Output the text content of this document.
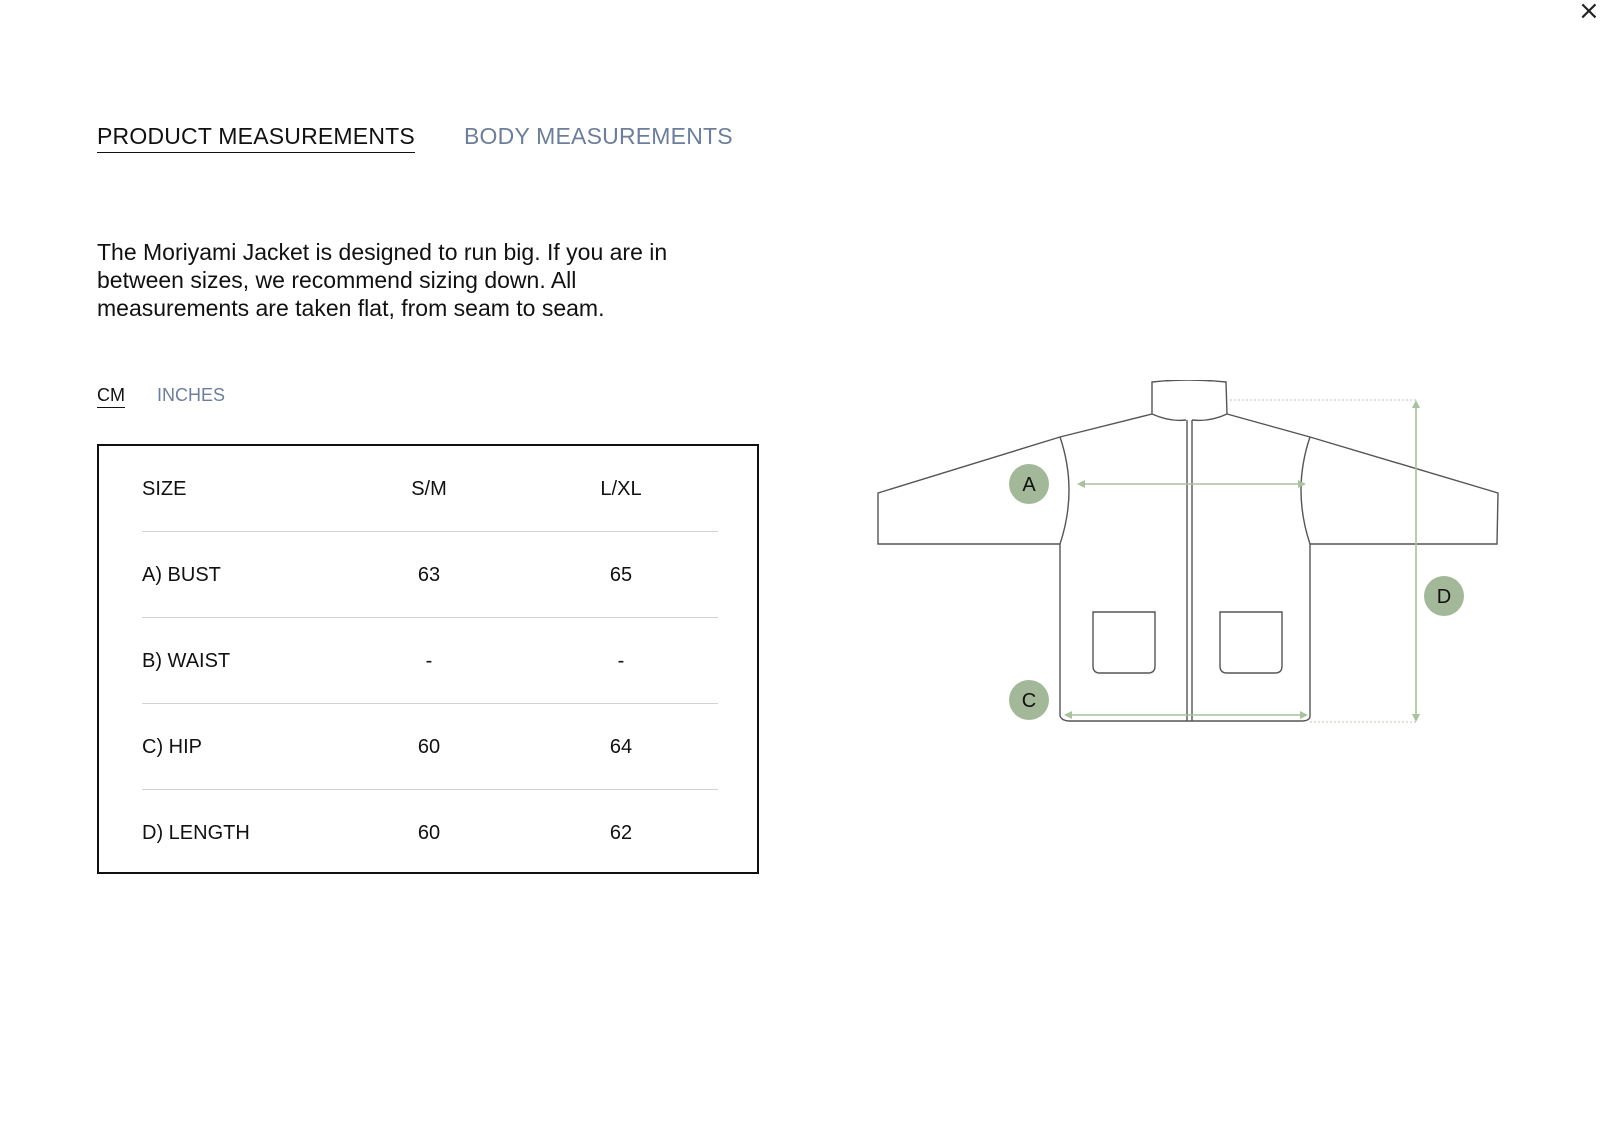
×
PRODUCT MEASUREMENTS BODY MEASUREMENTS
The Moriyami Jacket is designed to run big. If you are in between sizes, we recommend sizing down. All measurements are taken flat, from seam to seam.
CM INCHES
SIZE	S/M	L/XL
A) BUST	63	65
B) WAIST	-	-
C) HIP	60	64
D) LENGTH	60	62
A
C
D
